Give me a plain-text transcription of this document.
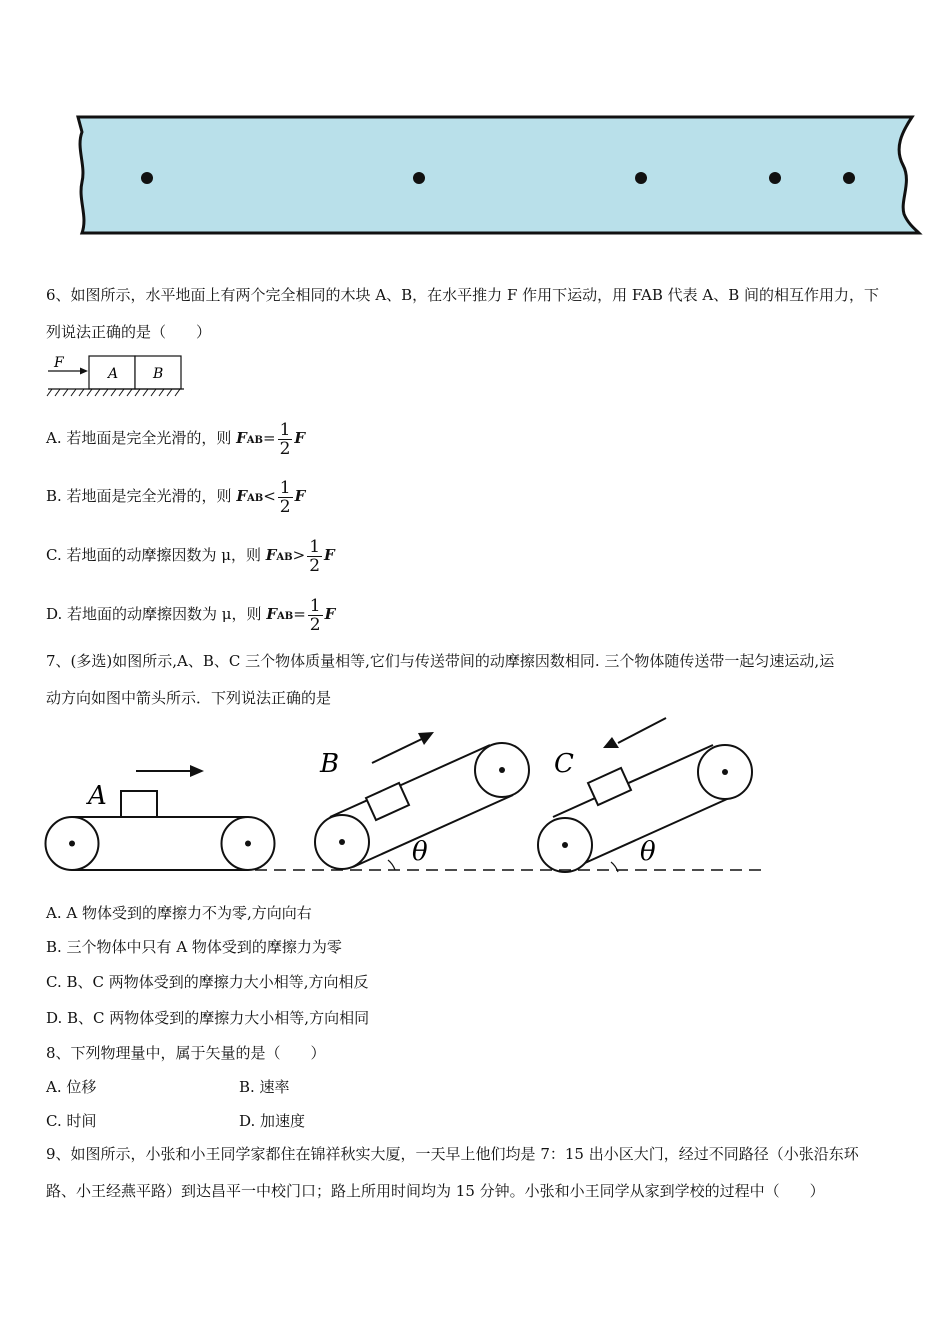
6、如图所示，水平地面上有两个完全相同的木块 A、B，在水平推力 F 作用下运动，用 FAB 代表 A、B 间的相互作用力，下
列说法正确的是（　　）
F
A B
A. 若地面是完全光滑的，则 $FAB= \frac{1}{2}$ F
B. 若地面是完全光滑的，则 $FAB< \frac{1}{2}$ F
C. 若地面的动摩擦因数为 μ，则 $FAB> \frac{1}{2}$ F
D. 若地面的动摩擦因数为 μ，则 $FAB= \frac{1}{2}$ F
7、(多选)如图所示,A、B、C 三个物体质量相等,它们与传送带间的动摩擦因数相同. 三个物体随传送带一起匀速运动,运
动方向如图中箭头所示．下列说法正确的是
A
B
θ
C
θ
A. A 物体受到的摩擦力不为零,方向向右
B. 三个物体中只有 A 物体受到的摩擦力为零
C. B、C 两物体受到的摩擦力大小相等,方向相反
D. B、C 两物体受到的摩擦力大小相等,方向相同
8、下列物理量中，属于矢量的是（　　）
A. 位移	B. 速率
C. 时间	D. 加速度
9、如图所示，小张和小王同学家都住在锦祥秋实大厦，一天早上他们均是 7：15 出小区大门，经过不同路径（小张沿东环
路、小王经燕平路）到达昌平一中校门口；路上所用时间均为 15 分钟。小张和小王同学从家到学校的过程中（　　）
